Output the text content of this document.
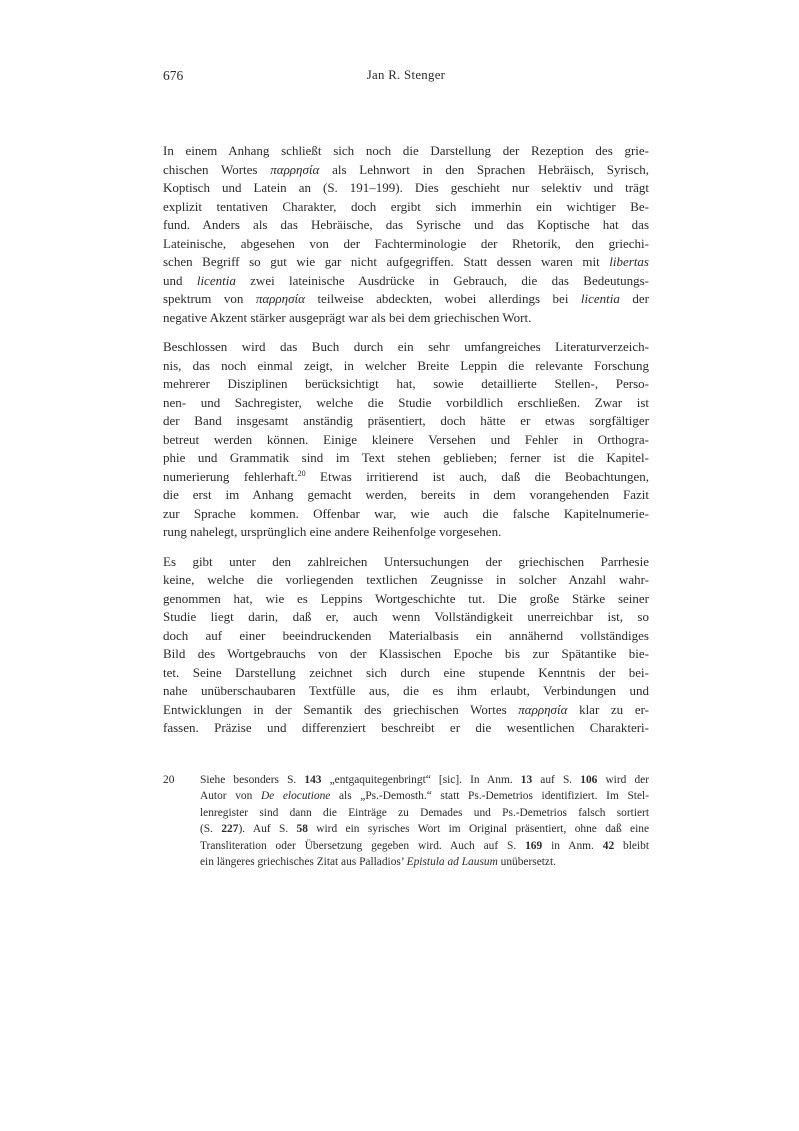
676	Jan R. Stenger

In einem Anhang schließt sich noch die Darstellung der Rezeption des grie-
chischen Wortes παρρησία als Lehnwort in den Sprachen Hebräisch, Syrisch,
Koptisch und Latein an (S. 191–199). Dies geschieht nur selektiv und trägt
explizit tentativen Charakter, doch ergibt sich immerhin ein wichtiger Be-
fund. Anders als das Hebräische, das Syrische und das Koptische hat das
Lateinische, abgesehen von der Fachterminologie der Rhetorik, den griechi-
schen Begriff so gut wie gar nicht aufgegriffen. Statt dessen waren mit libertas
und licentia zwei lateinische Ausdrücke in Gebrauch, die das Bedeutungs-
spektrum von παρρησία teilweise abdeckten, wobei allerdings bei licentia der
negative Akzent stärker ausgeprägt war als bei dem griechischen Wort.

Beschlossen wird das Buch durch ein sehr umfangreiches Literaturverzeich-
nis, das noch einmal zeigt, in welcher Breite Leppin die relevante Forschung
mehrerer Disziplinen berücksichtigt hat, sowie detaillierte Stellen-, Perso-
nen- und Sachregister, welche die Studie vorbildlich erschließen. Zwar ist
der Band insgesamt anständig präsentiert, doch hätte er etwas sorgfältiger
betreut werden können. Einige kleinere Versehen und Fehler in Orthogra-
phie und Grammatik sind im Text stehen geblieben; ferner ist die Kapitel-
numerierung fehlerhaft.$^{20}$ Etwas irritierend ist auch, daß die Beobachtungen,
die erst im Anhang gemacht werden, bereits in dem vorangehenden Fazit
zur Sprache kommen. Offenbar war, wie auch die falsche Kapitelnumerie-
rung nahelegt, ursprünglich eine andere Reihenfolge vorgesehen.

Es gibt unter den zahlreichen Untersuchungen der griechischen Parrhesie
keine, welche die vorliegenden textlichen Zeugnisse in solcher Anzahl wahr-
genommen hat, wie es Leppins Wortgeschichte tut. Die große Stärke seiner
Studie liegt darin, daß er, auch wenn Vollständigkeit unerreichbar ist, so
doch auf einer beeindruckenden Materialbasis ein annähernd vollständiges
Bild des Wortgebrauchs von der Klassischen Epoche bis zur Spätantike bie-
tet. Seine Darstellung zeichnet sich durch eine stupende Kenntnis der bei-
nahe unüberschaubaren Textfülle aus, die es ihm erlaubt, Verbindungen und
Entwicklungen in der Semantik des griechischen Wortes παρρησία klar zu er-
fassen. Präzise und differenziert beschreibt er die wesentlichen Charakteri-

20 Siehe besonders S. 143 „entgaquitegenbringt“ [sic]. In Anm. 13 auf S. 106 wird der
Autor von De elocutione als „Ps.-Demosth.“ statt Ps.-Demetrios identifiziert. Im Stel-
lenregister sind dann die Einträge zu Demades und Ps.-Demetrios falsch sortiert
(S. 227). Auf S. 58 wird ein syrisches Wort im Original präsentiert, ohne daß eine
Transliteration oder Übersetzung gegeben wird. Auch auf S. 169 in Anm. 42 bleibt
ein längeres griechisches Zitat aus Palladios’ Epistula ad Lausum unübersetzt.
